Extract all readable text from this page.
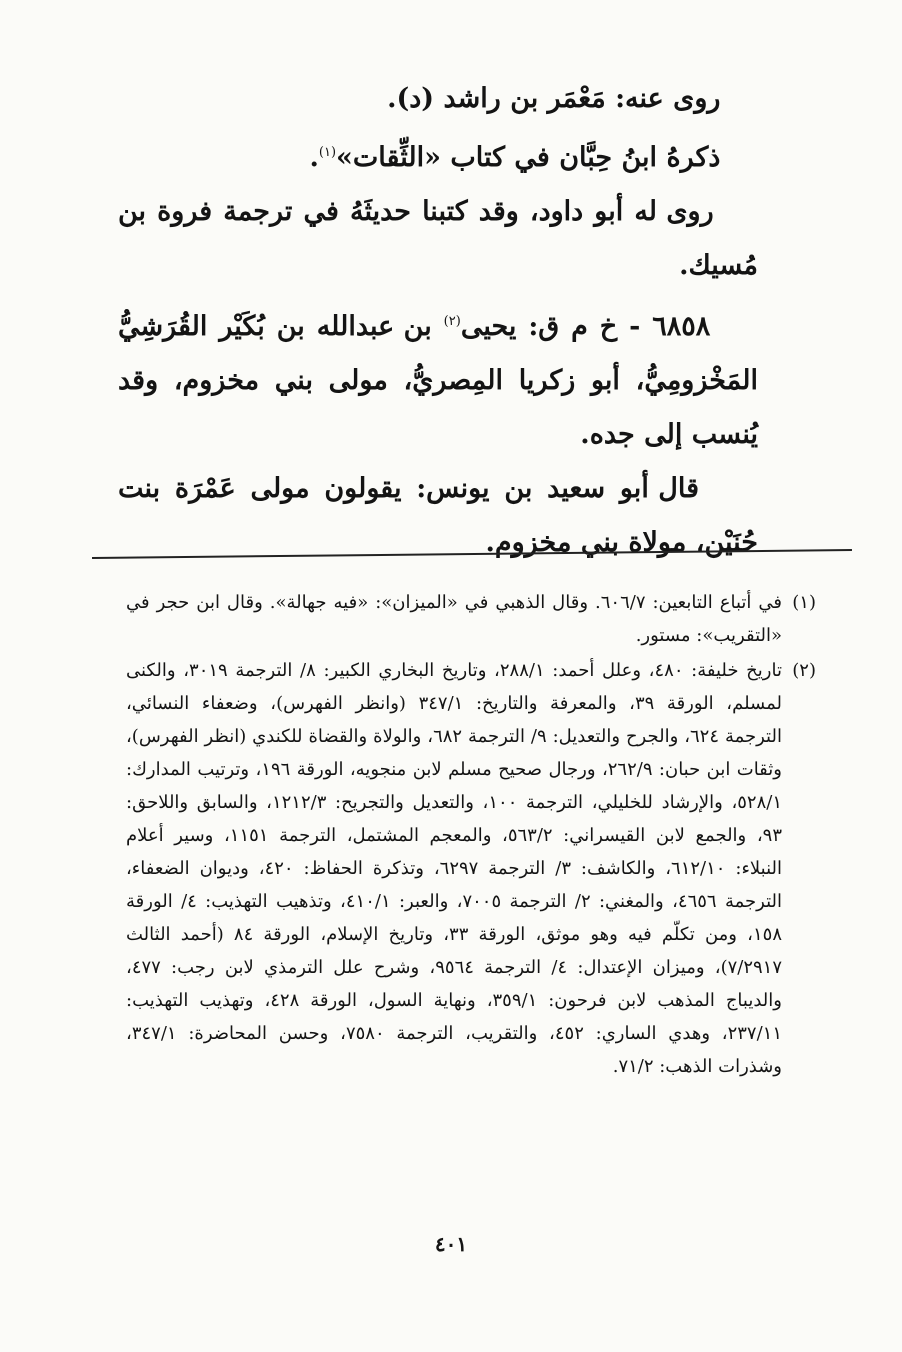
روى عنه: مَعْمَر بن راشد (د).

ذكرهُ ابنُ حِبَّان في كتاب «الثِّقات»$^{(١)}$.

روى له أبو داود، وقد كتبنا حديثَهُ في ترجمة فروة بن مُسيك.

٦٨٥٨ - خ م ق: يحيى$^{(٢)}$ بن عبدالله بن بُكَيْر القُرَشِيُّ المَخْزومِيُّ، أبو زكريا المِصريُّ، مولى بني مخزوم، وقد يُنسب إلى جده.

قال أبو سعيد بن يونس: يقولون مولى عَمْرَة بنت حُنَيْن، مولاة بني مخزوم.

(١)
في أتباع التابعين: ٦٠٦/٧. وقال الذهبي في «الميزان»: «فيه جهالة». وقال ابن حجر في «التقريب»: مستور.
(٢)
تاريخ خليفة: ٤٨٠، وعلل أحمد: ٢٨٨/١، وتاريخ البخاري الكبير: ٨/ الترجمة ٣٠١٩، والكنى لمسلم، الورقة ٣٩، والمعرفة والتاريخ: ٣٤٧/١ (وانظر الفهرس)، وضعفاء النسائي، الترجمة ٦٢٤، والجرح والتعديل: ٩/ الترجمة ٦٨٢، والولاة والقضاة للكندي (انظر الفهرس)، وثقات ابن حبان: ٢٦٢/٩، ورجال صحيح مسلم لابن منجويه، الورقة ١٩٦، وترتيب المدارك: ٥٢٨/١، والإرشاد للخليلي، الترجمة ١٠٠، والتعديل والتجريح: ١٢١٢/٣، والسابق واللاحق: ٩٣، والجمع لابن القيسراني: ٥٦٣/٢، والمعجم المشتمل، الترجمة ١١٥١، وسير أعلام النبلاء: ٦١٢/١٠، والكاشف: ٣/ الترجمة ٦٢٩٧، وتذكرة الحفاظ: ٤٢٠، وديوان الضعفاء، الترجمة ٤٦٥٦، والمغني: ٢/ الترجمة ٧٠٠٥، والعبر: ٤١٠/١، وتذهيب التهذيب: ٤/ الورقة ١٥٨، ومن تكلّم فيه وهو موثق، الورقة ٣٣، وتاريخ الإسلام، الورقة ٨٤ (أحمد الثالث ٧/٢٩١٧)، وميزان الإعتدال: ٤/ الترجمة ٩٥٦٤، وشرح علل الترمذي لابن رجب: ٤٧٧، والديباج المذهب لابن فرحون: ٣٥٩/١، ونهاية السول، الورقة ٤٢٨، وتهذيب التهذيب: ٢٣٧/١١، وهدي الساري: ٤٥٢، والتقريب، الترجمة ٧٥٨٠، وحسن المحاضرة: ٣٤٧/١، وشذرات الذهب: ٧١/٢.
٤٠١
